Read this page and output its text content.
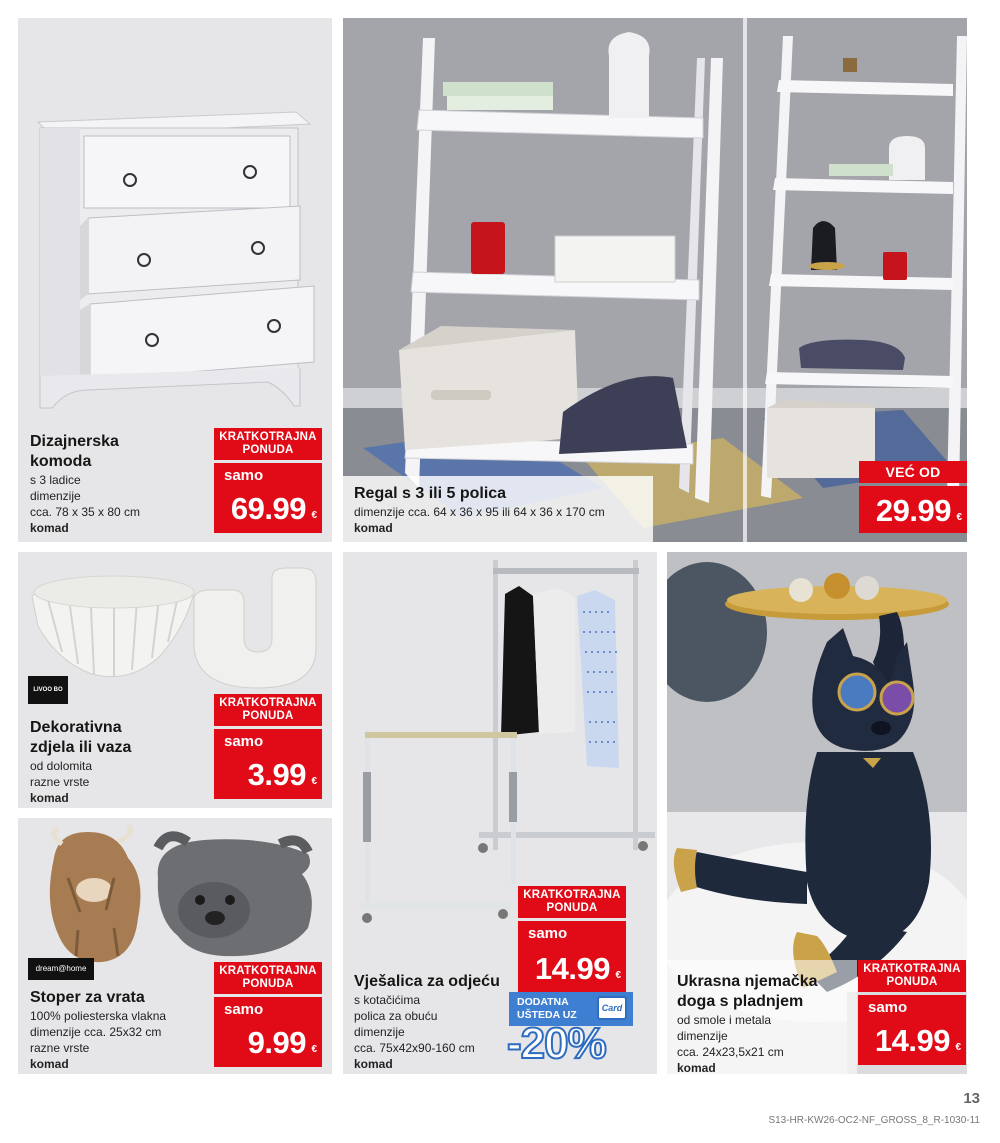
Dizajnerska
komoda
s 3 ladice
dimenzije
cca. 78 x 35 x 80 cm
komad
KRATKOTRAJNA
PONUDA
samo
69.99 €
Regal s 3 ili 5 polica
dimenzije cca. 64 x 36 x 95 ili 64 x 36 x 170 cm
komad
VEĆ OD
29.99 €
LIVOO BO
Dekorativna
zdjela ili vaza
od dolomita
razne vrste
komad
KRATKOTRAJNA
PONUDA
samo
3.99 €
dream@home
Stoper za vrata
100% poliesterska vlakna
dimenzije cca. 25x32 cm
razne vrste
komad
KRATKOTRAJNA
PONUDA
samo
9.99 €
KRATKOTRAJNA
PONUDA
samo
14.99 €
DODATNA
UŠTEDA UZ
Card
-20%
Vješalica za odjeću
s kotačićima
polica za obuću
dimenzije
cca. 75x42x90-160 cm
komad
Ukrasna njemačka
doga s pladnjem
od smole i metala
dimenzije
cca. 24x23,5x21 cm
komad
KRATKOTRAJNA
PONUDA
samo
14.99 €
13
S13-HR-KW26-OC2-NF_GROSS_8_R-1030-11
